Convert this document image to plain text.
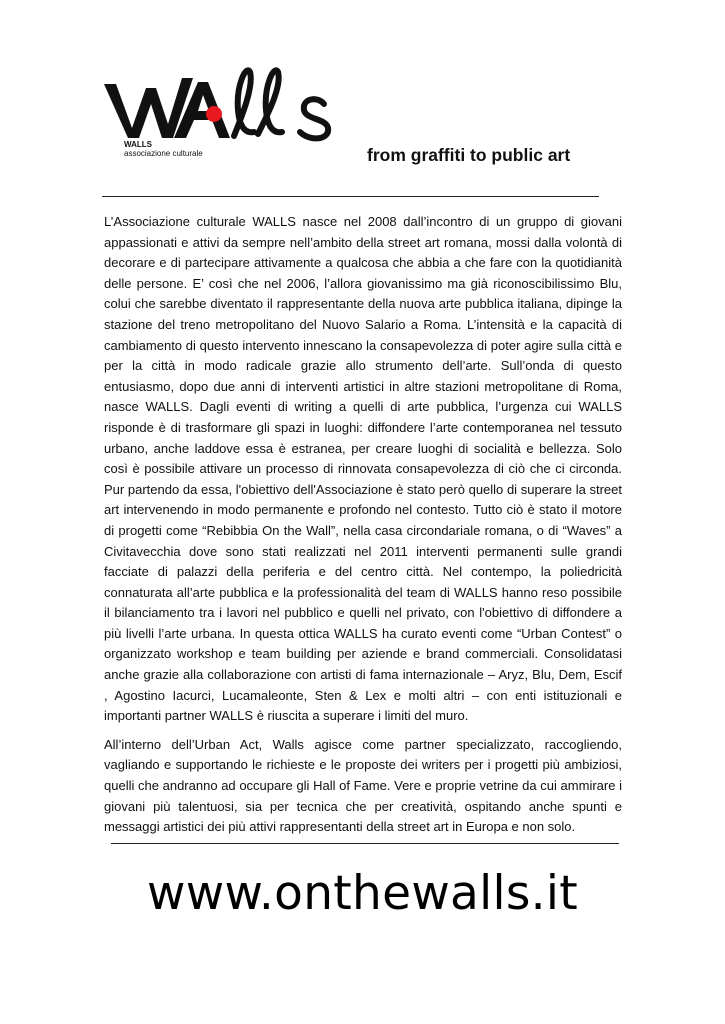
WALLS
associazione culturale	from graffiti to public art

L’Associazione culturale WALLS nasce nel 2008 dall’incontro di un gruppo di giovani appassionati e attivi da sempre nell’ambito della street art romana, mossi dalla volontà di decorare e di partecipare attivamente a qualcosa che abbia a che fare con la quotidianità delle persone. E’ così che nel 2006, l’allora giovanissimo ma già riconoscibilissimo Blu, colui che sarebbe diventato il rappresentante della nuova arte pubblica italiana, dipinge la stazione del treno metropolitano del Nuovo Salario a Roma. L’intensità e la capacità di cambiamento di questo intervento innescano la consapevolezza di poter agire sulla città e per la città in modo radicale grazie allo strumento dell’arte. Sull’onda di questo entusiasmo, dopo due anni di interventi artistici in altre stazioni metropolitane di Roma, nasce WALLS. Dagli eventi di writing a quelli di arte pubblica, l’urgenza cui WALLS risponde è di trasformare gli spazi in luoghi: diffondere l’arte contemporanea nel tessuto urbano, anche laddove essa è estranea, per creare luoghi di socialità e bellezza. Solo così è possibile attivare un processo di rinnovata consapevolezza di ciò che ci circonda. Pur partendo da essa, l'obiettivo dell'Associazione è stato però quello di superare la street art intervenendo in modo permanente e profondo nel contesto. Tutto ciò è stato il motore di progetti come “Rebibbia On the Wall”, nella casa circondariale romana, o di “Waves” a Civitavecchia dove sono stati realizzati nel 2011 interventi permanenti sulle grandi facciate di palazzi della periferia e del centro città. Nel contempo, la poliedricità connaturata all’arte pubblica e la professionalità del team di WALLS hanno reso possibile il bilanciamento tra i lavori nel pubblico e quelli nel privato, con l'obiettivo di diffondere a più livelli l’arte urbana. In questa ottica WALLS ha curato eventi come “Urban Contest” o organizzato workshop e team building per aziende e brand commerciali. Consolidatasi anche grazie alla collaborazione con artisti di fama internazionale – Aryz, Blu, Dem, Escif , Agostino Iacurci, Lucamaleonte, Sten & Lex e molti altri – con enti istituzionali e importanti partner WALLS è riuscita a superare i limiti del muro.

All’interno dell’Urban Act, Walls agisce come partner specializzato, raccogliendo, vagliando e supportando le richieste e le proposte dei writers per i progetti più ambiziosi, quelli che andranno ad occupare gli Hall of Fame. Vere e proprie vetrine da cui ammirare i giovani più talentuosi, sia per tecnica che per creatività, ospitando anche spunti e messaggi artistici dei più attivi rappresentanti della street art in Europa e non solo.

www.onthewalls.it
